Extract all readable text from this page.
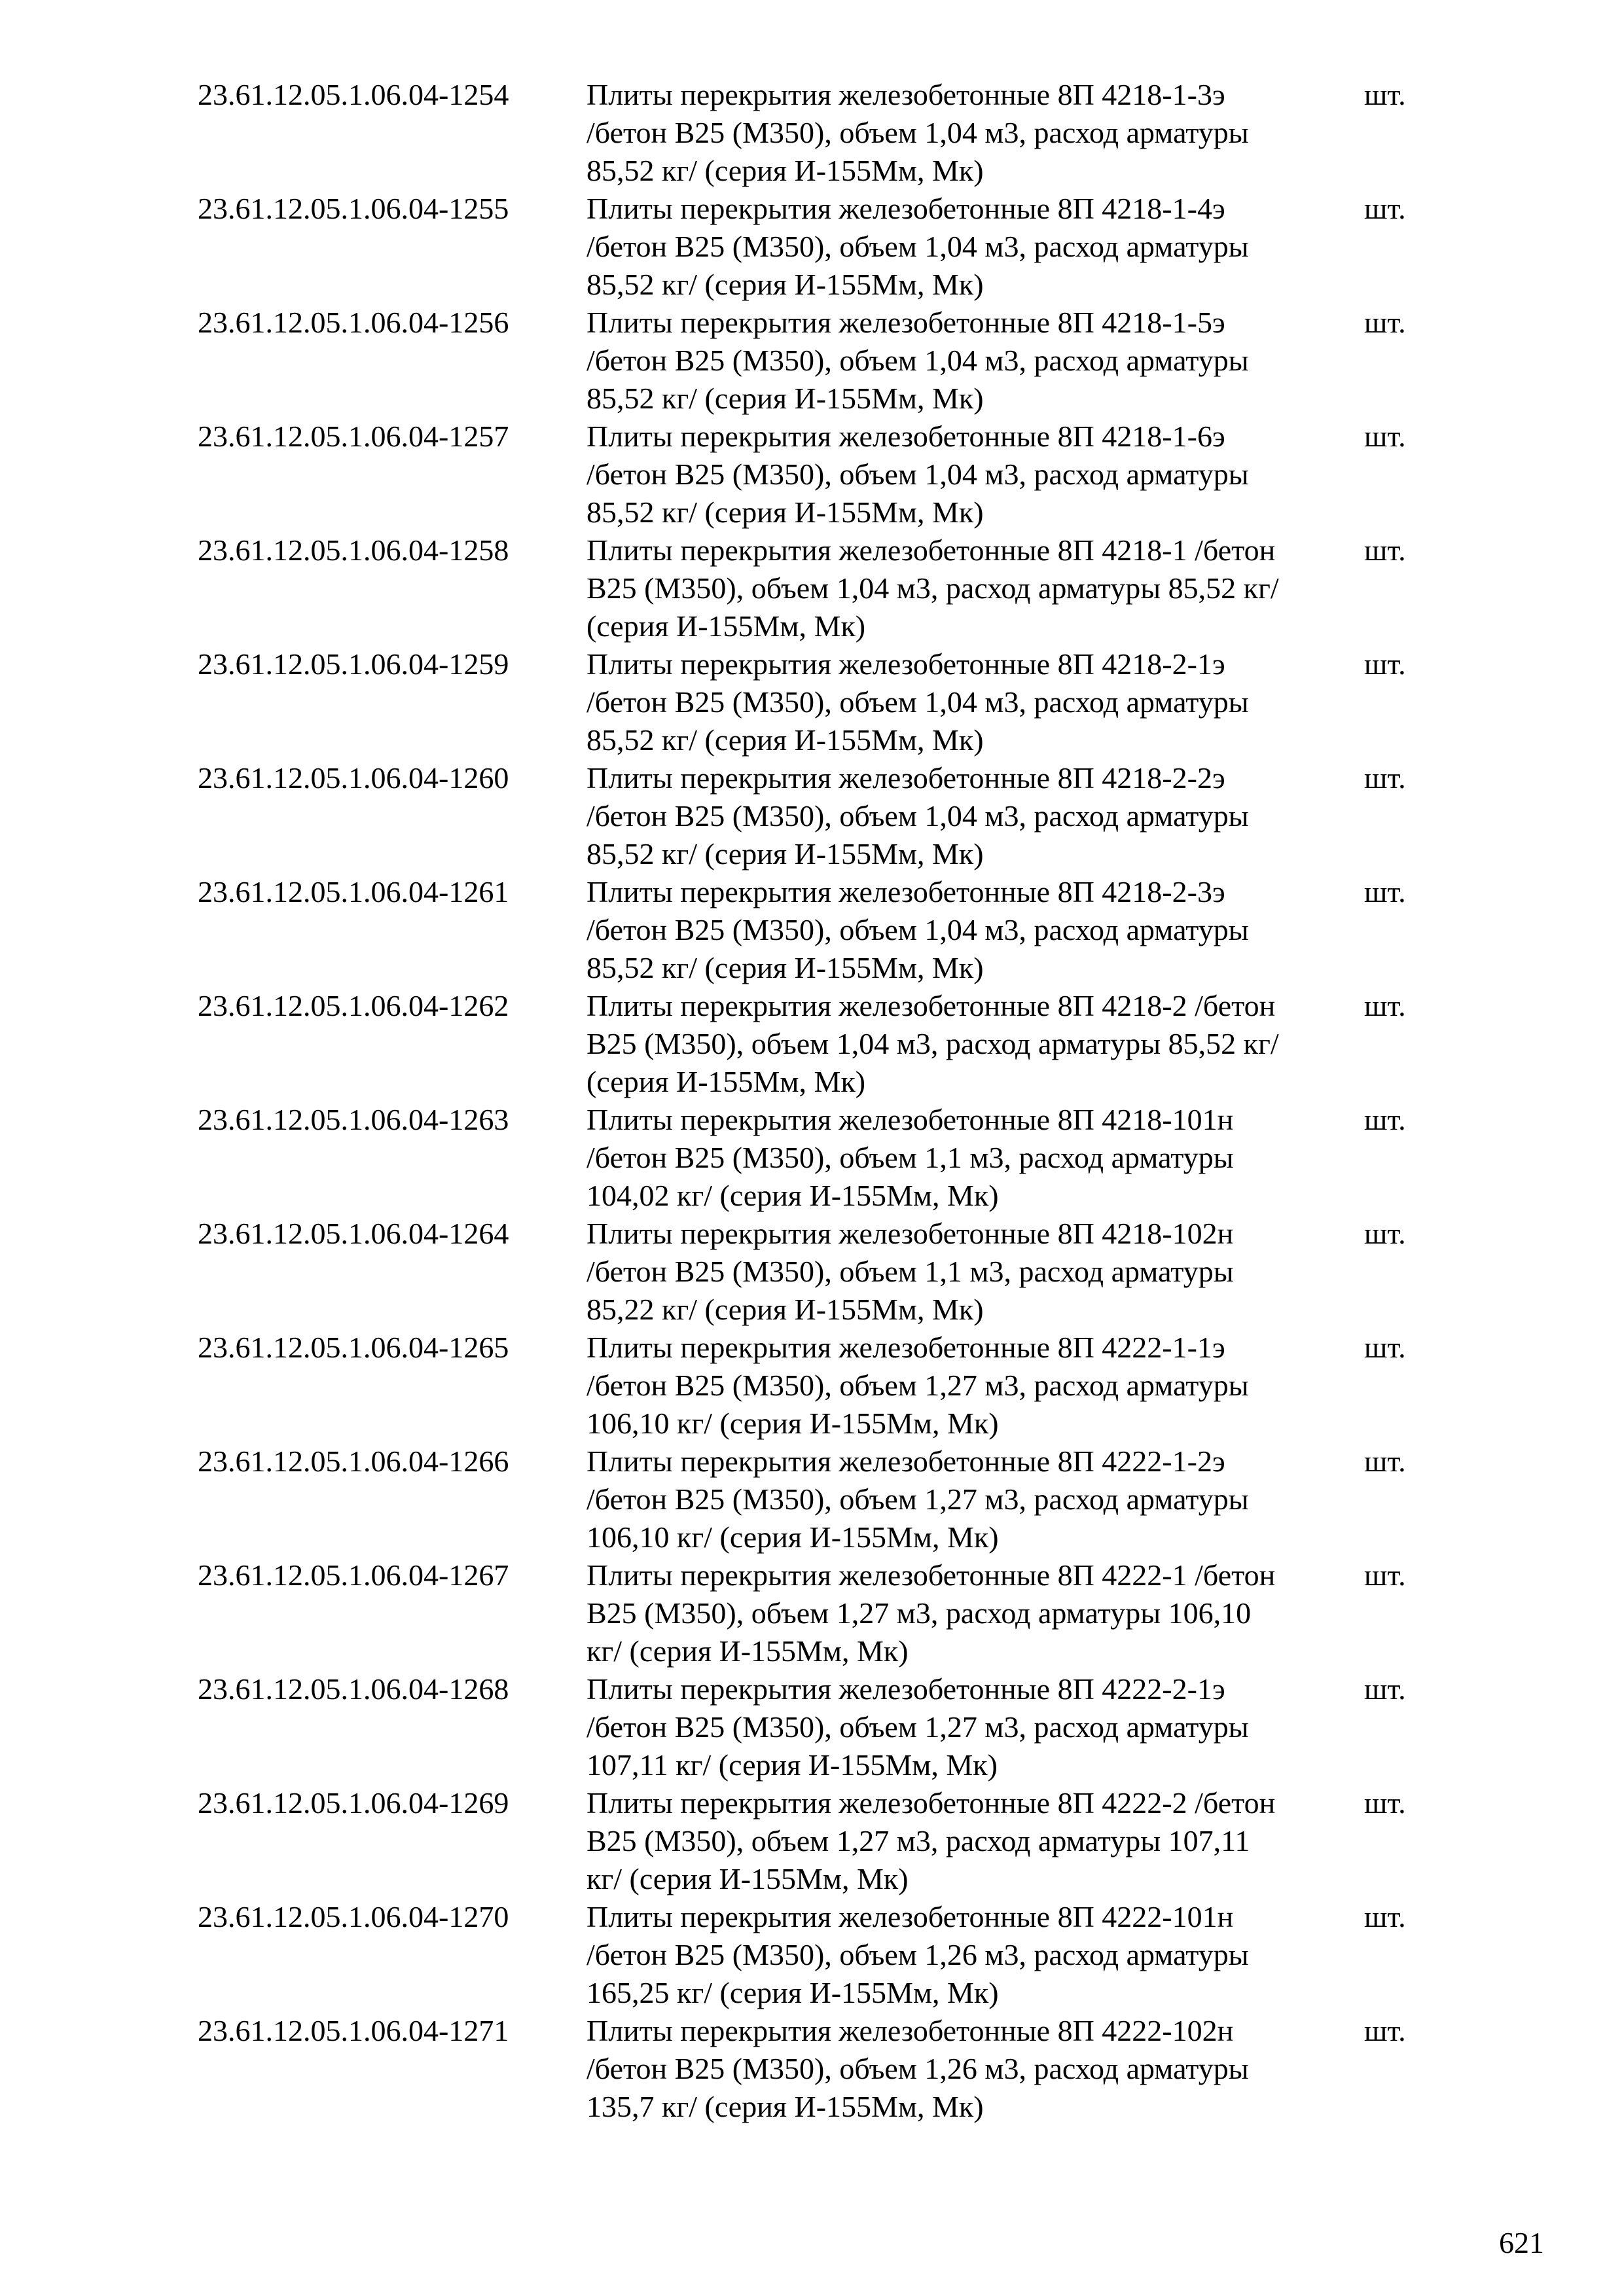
23.61.12.05.1.06.04-1254	Плиты перекрытия железобетонные 8П 4218-1-3э
/бетон В25 (М350), объем 1,04 м3, расход арматуры
85,52 кг/ (серия И-155Мм, Мк)
шт.
23.61.12.05.1.06.04-1255	Плиты перекрытия железобетонные 8П 4218-1-4э
/бетон В25 (М350), объем 1,04 м3, расход арматуры
85,52 кг/ (серия И-155Мм, Мк)
шт.
23.61.12.05.1.06.04-1256	Плиты перекрытия железобетонные 8П 4218-1-5э
/бетон В25 (М350), объем 1,04 м3, расход арматуры
85,52 кг/ (серия И-155Мм, Мк)
шт.
23.61.12.05.1.06.04-1257	Плиты перекрытия железобетонные 8П 4218-1-6э
/бетон В25 (М350), объем 1,04 м3, расход арматуры
85,52 кг/ (серия И-155Мм, Мк)
шт.
23.61.12.05.1.06.04-1258	Плиты перекрытия железобетонные 8П 4218-1 /бетон
В25 (М350), объем 1,04 м3, расход арматуры 85,52 кг/
(серия И-155Мм, Мк)
шт.
23.61.12.05.1.06.04-1259	Плиты перекрытия железобетонные 8П 4218-2-1э
/бетон В25 (М350), объем 1,04 м3, расход арматуры
85,52 кг/ (серия И-155Мм, Мк)
шт.
23.61.12.05.1.06.04-1260	Плиты перекрытия железобетонные 8П 4218-2-2э
/бетон В25 (М350), объем 1,04 м3, расход арматуры
85,52 кг/ (серия И-155Мм, Мк)
шт.
23.61.12.05.1.06.04-1261	Плиты перекрытия железобетонные 8П 4218-2-3э
/бетон В25 (М350), объем 1,04 м3, расход арматуры
85,52 кг/ (серия И-155Мм, Мк)
шт.
23.61.12.05.1.06.04-1262	Плиты перекрытия железобетонные 8П 4218-2 /бетон
В25 (М350), объем 1,04 м3, расход арматуры 85,52 кг/
(серия И-155Мм, Мк)
шт.
23.61.12.05.1.06.04-1263	Плиты перекрытия железобетонные 8П 4218-101н
/бетон В25 (М350), объем 1,1 м3, расход арматуры
104,02 кг/ (серия И-155Мм, Мк)
шт.
23.61.12.05.1.06.04-1264	Плиты перекрытия железобетонные 8П 4218-102н
/бетон В25 (М350), объем 1,1 м3, расход арматуры
85,22 кг/ (серия И-155Мм, Мк)
шт.
23.61.12.05.1.06.04-1265	Плиты перекрытия железобетонные 8П 4222-1-1э
/бетон В25 (М350), объем 1,27 м3, расход арматуры
106,10 кг/ (серия И-155Мм, Мк)
шт.
23.61.12.05.1.06.04-1266	Плиты перекрытия железобетонные 8П 4222-1-2э
/бетон В25 (М350), объем 1,27 м3, расход арматуры
106,10 кг/ (серия И-155Мм, Мк)
шт.
23.61.12.05.1.06.04-1267	Плиты перекрытия железобетонные 8П 4222-1 /бетон
В25 (М350), объем 1,27 м3, расход арматуры 106,10
кг/ (серия И-155Мм, Мк)
шт.
23.61.12.05.1.06.04-1268	Плиты перекрытия железобетонные 8П 4222-2-1э
/бетон В25 (М350), объем 1,27 м3, расход арматуры
107,11 кг/ (серия И-155Мм, Мк)
шт.
23.61.12.05.1.06.04-1269	Плиты перекрытия железобетонные 8П 4222-2 /бетон
В25 (М350), объем 1,27 м3, расход арматуры 107,11
кг/ (серия И-155Мм, Мк)
шт.
23.61.12.05.1.06.04-1270	Плиты перекрытия железобетонные 8П 4222-101н
/бетон В25 (М350), объем 1,26 м3, расход арматуры
165,25 кг/ (серия И-155Мм, Мк)
шт.
23.61.12.05.1.06.04-1271	Плиты перекрытия железобетонные 8П 4222-102н
/бетон В25 (М350), объем 1,26 м3, расход арматуры
135,7 кг/ (серия И-155Мм, Мк)
шт.
621
